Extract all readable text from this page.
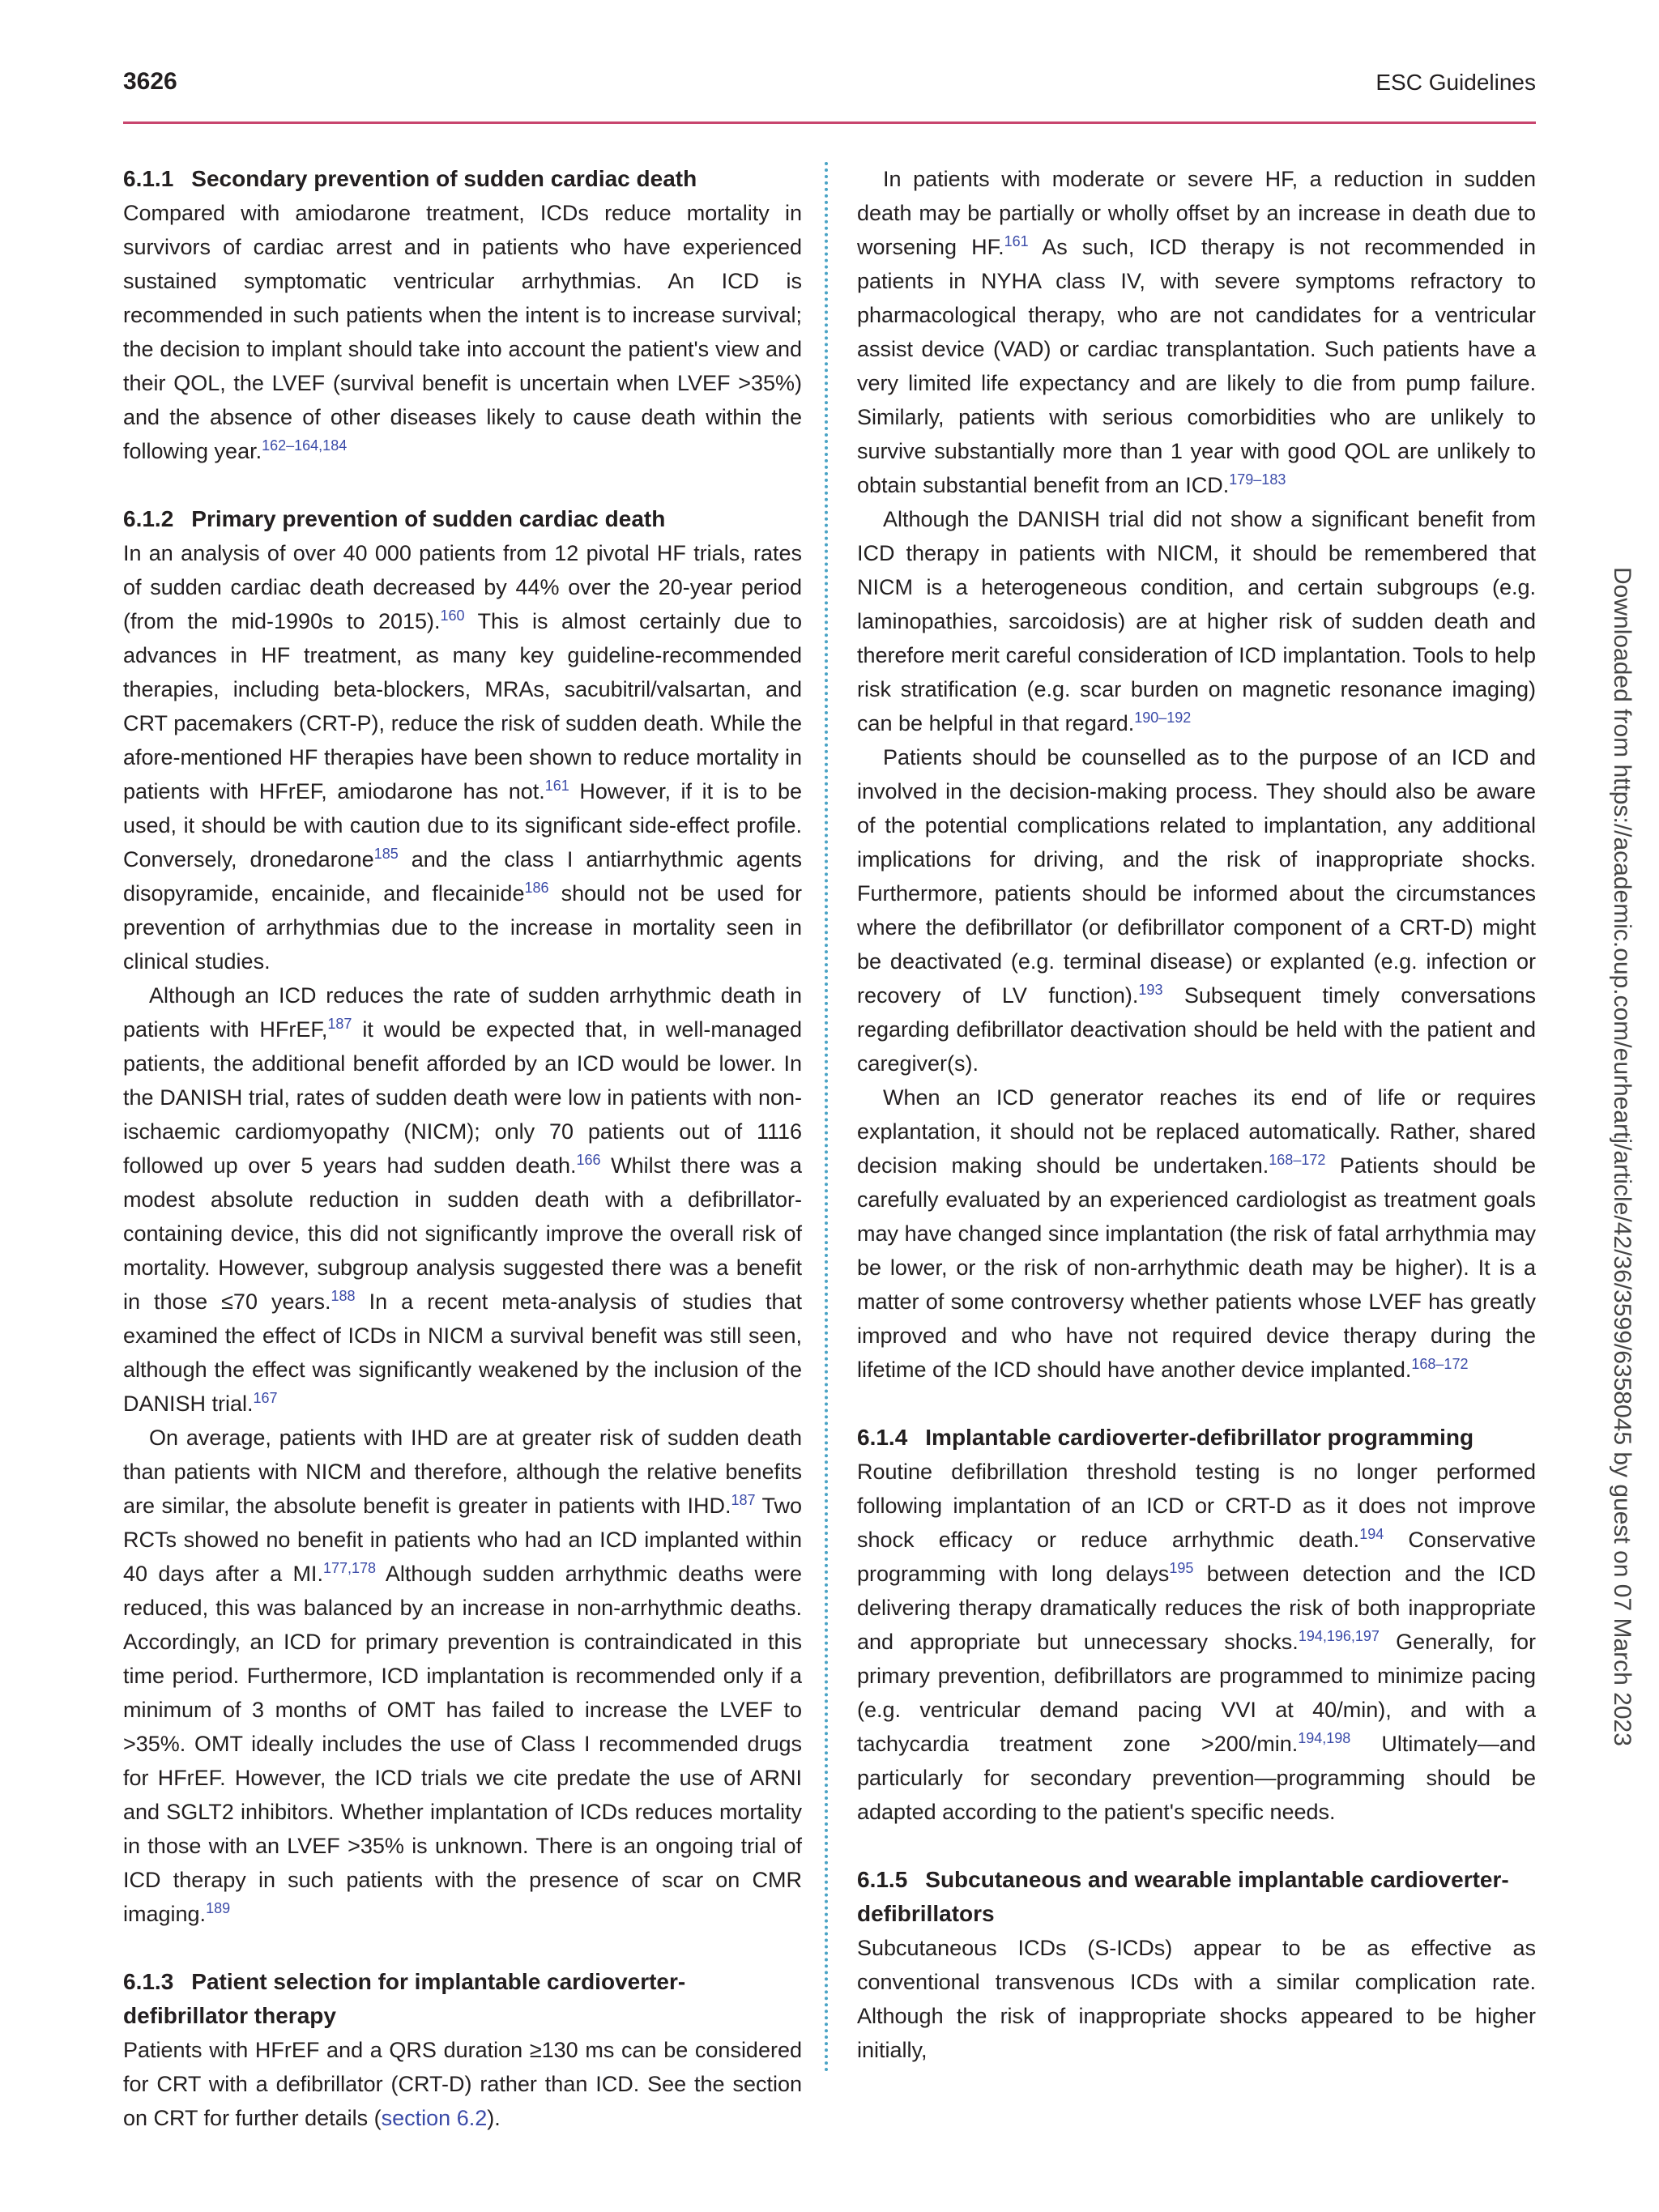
3626	ESC Guidelines
6.1.1 Secondary prevention of sudden cardiac death

Compared with amiodarone treatment, ICDs reduce mortality in survivors of cardiac arrest and in patients who have experienced sustained symptomatic ventricular arrhythmias. An ICD is recommended in such patients when the intent is to increase survival; the decision to implant should take into account the patient's view and their QOL, the LVEF (survival benefit is uncertain when LVEF >35%) and the absence of other diseases likely to cause death within the following year.$^{162-164,184}$

6.1.2 Primary prevention of sudden cardiac death

In an analysis of over 40 000 patients from 12 pivotal HF trials, rates of sudden cardiac death decreased by 44% over the 20-year period (from the mid-1990s to 2015).$^{160}$ This is almost certainly due to advances in HF treatment, as many key guideline-recommended therapies, including beta-blockers, MRAs, sacubitril/valsartan, and CRT pacemakers (CRT-P), reduce the risk of sudden death. While the afore-mentioned HF therapies have been shown to reduce mortality in patients with HFrEF, amiodarone has not.$^{161}$ However, if it is to be used, it should be with caution due to its significant side-effect profile. Conversely, dronedarone$^{185}$ and the class I antiarrhythmic agents disopyramide, encainide, and flecainide$^{186}$ should not be used for prevention of arrhythmias due to the increase in mortality seen in clinical studies.

Although an ICD reduces the rate of sudden arrhythmic death in patients with HFrEF,$^{187}$ it would be expected that, in well-managed patients, the additional benefit afforded by an ICD would be lower. In the DANISH trial, rates of sudden death were low in patients with non-ischaemic cardiomyopathy (NICM); only 70 patients out of 1116 followed up over 5 years had sudden death.$^{166}$ Whilst there was a modest absolute reduction in sudden death with a defibrillator-containing device, this did not significantly improve the overall risk of mortality. However, subgroup analysis suggested there was a benefit in those ≤70 years.$^{188}$ In a recent meta-analysis of studies that examined the effect of ICDs in NICM a survival benefit was still seen, although the effect was significantly weakened by the inclusion of the DANISH trial.$^{167}$

On average, patients with IHD are at greater risk of sudden death than patients with NICM and therefore, although the relative benefits are similar, the absolute benefit is greater in patients with IHD.$^{187}$ Two RCTs showed no benefit in patients who had an ICD implanted within 40 days after a MI.$^{177,178}$ Although sudden arrhythmic deaths were reduced, this was balanced by an increase in non-arrhythmic deaths. Accordingly, an ICD for primary prevention is contraindicated in this time period. Furthermore, ICD implantation is recommended only if a minimum of 3 months of OMT has failed to increase the LVEF to >35%. OMT ideally includes the use of Class I recommended drugs for HFrEF. However, the ICD trials we cite predate the use of ARNI and SGLT2 inhibitors. Whether implantation of ICDs reduces mortality in those with an LVEF >35% is unknown. There is an ongoing trial of ICD therapy in such patients with the presence of scar on CMR imaging.$^{189}$

6.1.3 Patient selection for implantable cardioverter-defibrillator therapy

Patients with HFrEF and a QRS duration ≥130 ms can be considered for CRT with a defibrillator (CRT-D) rather than ICD. See the section on CRT for further details (section 6.2).

In patients with moderate or severe HF, a reduction in sudden death may be partially or wholly offset by an increase in death due to worsening HF.$^{161}$ As such, ICD therapy is not recommended in patients in NYHA class IV, with severe symptoms refractory to pharmacological therapy, who are not candidates for a ventricular assist device (VAD) or cardiac transplantation. Such patients have a very limited life expectancy and are likely to die from pump failure. Similarly, patients with serious comorbidities who are unlikely to survive substantially more than 1 year with good QOL are unlikely to obtain substantial benefit from an ICD.$^{179-183}$

Although the DANISH trial did not show a significant benefit from ICD therapy in patients with NICM, it should be remembered that NICM is a heterogeneous condition, and certain subgroups (e.g. laminopathies, sarcoidosis) are at higher risk of sudden death and therefore merit careful consideration of ICD implantation. Tools to help risk stratification (e.g. scar burden on magnetic resonance imaging) can be helpful in that regard.$^{190-192}$

Patients should be counselled as to the purpose of an ICD and involved in the decision-making process. They should also be aware of the potential complications related to implantation, any additional implications for driving, and the risk of inappropriate shocks. Furthermore, patients should be informed about the circumstances where the defibrillator (or defibrillator component of a CRT-D) might be deactivated (e.g. terminal disease) or explanted (e.g. infection or recovery of LV function).$^{193}$ Subsequent timely conversations regarding defibrillator deactivation should be held with the patient and caregiver(s).

When an ICD generator reaches its end of life or requires explantation, it should not be replaced automatically. Rather, shared decision making should be undertaken.$^{168-172}$ Patients should be carefully evaluated by an experienced cardiologist as treatment goals may have changed since implantation (the risk of fatal arrhythmia may be lower, or the risk of non-arrhythmic death may be higher). It is a matter of some controversy whether patients whose LVEF has greatly improved and who have not required device therapy during the lifetime of the ICD should have another device implanted.$^{168-172}$

6.1.4 Implantable cardioverter-defibrillator programming

Routine defibrillation threshold testing is no longer performed following implantation of an ICD or CRT-D as it does not improve shock efficacy or reduce arrhythmic death.$^{194}$ Conservative programming with long delays$^{195}$ between detection and the ICD delivering therapy dramatically reduces the risk of both inappropriate and appropriate but unnecessary shocks.$^{194,196,197}$ Generally, for primary prevention, defibrillators are programmed to minimize pacing (e.g. ventricular demand pacing VVI at 40/min), and with a tachycardia treatment zone >200/min.$^{194,198}$ Ultimately—and particularly for secondary prevention—programming should be adapted according to the patient's specific needs.

6.1.5 Subcutaneous and wearable implantable cardioverter-defibrillators

Subcutaneous ICDs (S-ICDs) appear to be as effective as conventional transvenous ICDs with a similar complication rate. Although the risk of inappropriate shocks appeared to be higher initially,

Downloaded from https://academic.oup.com/eurheartj/article/42/36/3599/6358045 by guest on 07 March 2023
